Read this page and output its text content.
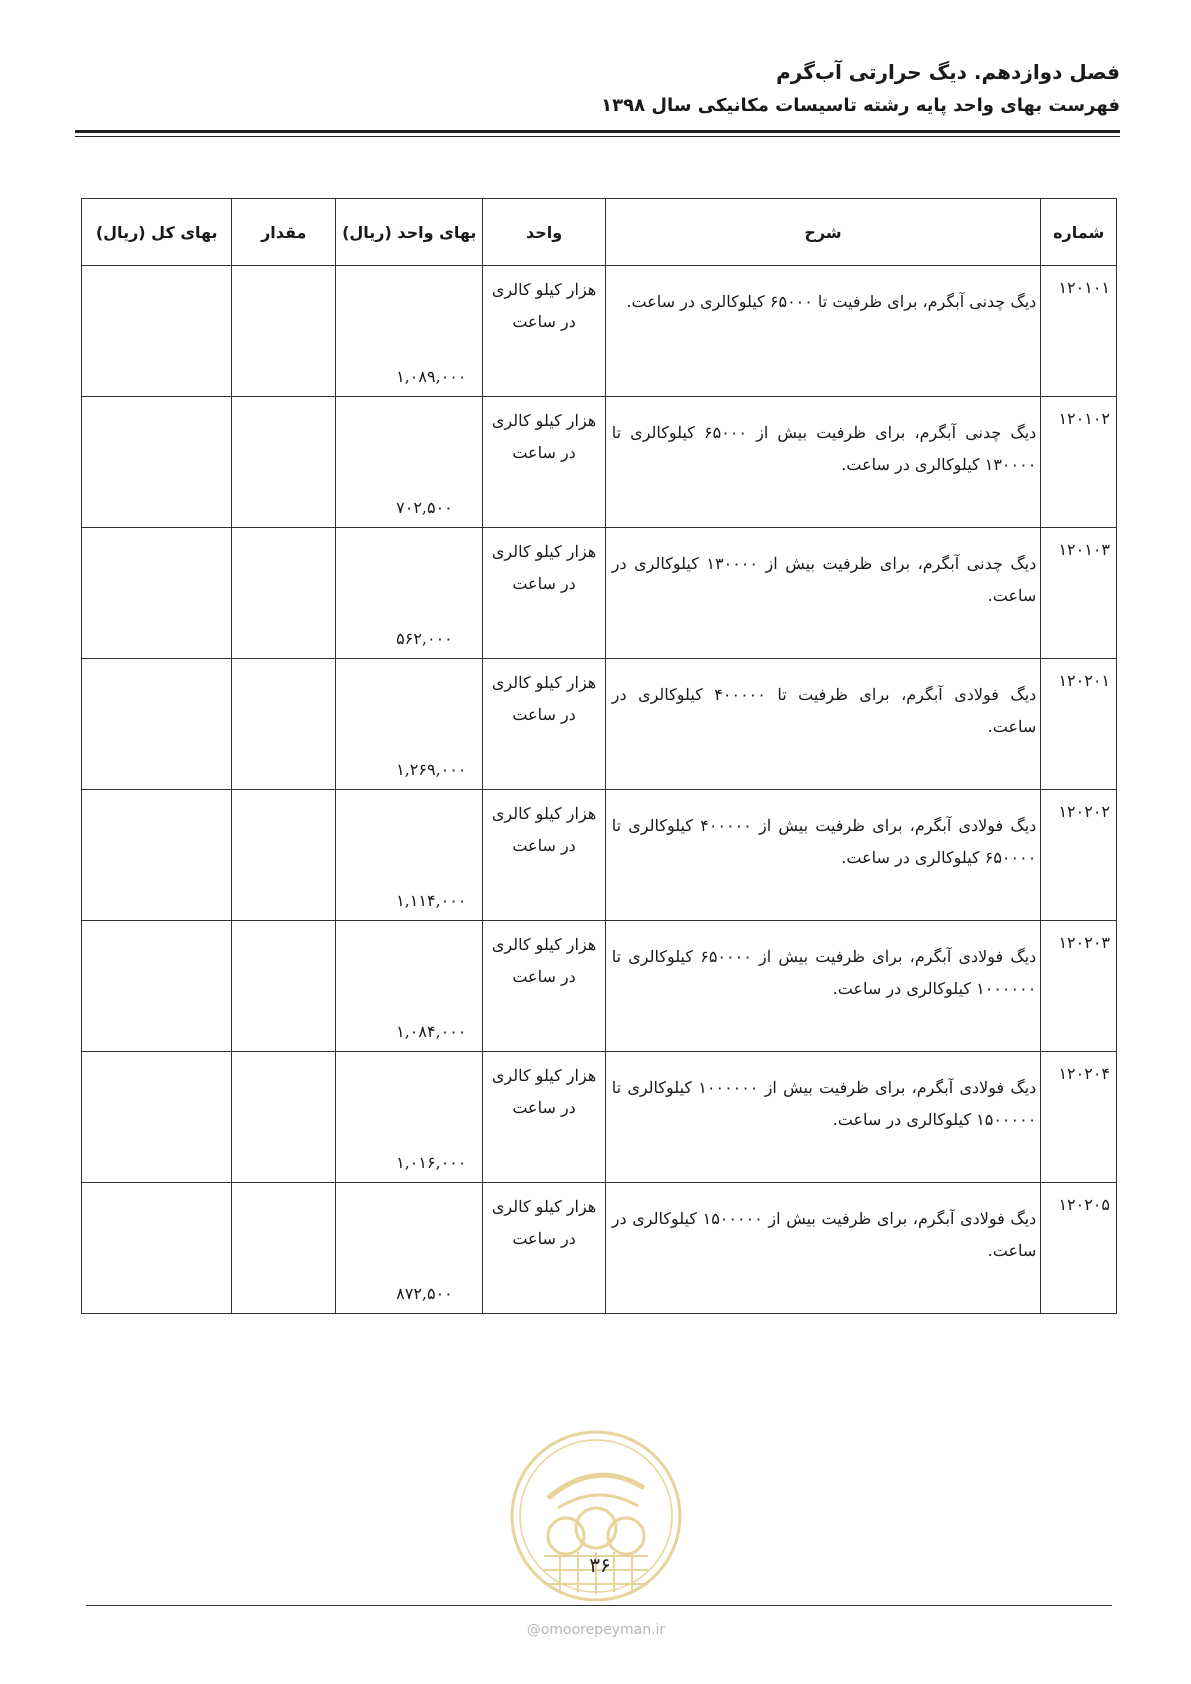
فصل دوازدهم. دیگ حرارتی آب‌گرم
فهرست بهای واحد پایه رشته تاسیسات مکانیکی سال ۱۳۹۸
شماره	شرح	واحد	بهای واحد (ریال)	مقدار	بهای کل (ریال)
۱۲۰۱۰۱	دیگ چدنی آبگرم، برای ظرفیت تا ۶۵۰۰۰ کیلوکالری در ساعت.	هزار کیلو کالری در ساعت	۱,۰۸۹,۰۰۰		
۱۲۰۱۰۲	دیگ چدنی آبگرم، برای ظرفیت بیش از ۶۵۰۰۰ کیلوکالری تا ۱۳۰۰۰۰ کیلوکالری در ساعت.	هزار کیلو کالری در ساعت	۷۰۲,۵۰۰		
۱۲۰۱۰۳	دیگ چدنی آبگرم، برای ظرفیت بیش از ۱۳۰۰۰۰ کیلوکالری در ساعت.	هزار کیلو کالری در ساعت	۵۶۲,۰۰۰		
۱۲۰۲۰۱	دیگ فولادی آبگرم، برای ظرفیت تا ۴۰۰۰۰۰ کیلوکالری در ساعت.	هزار کیلو کالری در ساعت	۱,۲۶۹,۰۰۰		
۱۲۰۲۰۲	دیگ فولادی آبگرم، برای ظرفیت بیش از ۴۰۰۰۰۰ کیلوکالری تا ۶۵۰۰۰۰ کیلوکالری در ساعت.	هزار کیلو کالری در ساعت	۱,۱۱۴,۰۰۰		
۱۲۰۲۰۳	دیگ فولادی آبگرم، برای ظرفیت بیش از ۶۵۰۰۰۰ کیلوکالری تا ۱۰۰۰۰۰۰ کیلوکالری در ساعت.	هزار کیلو کالری در ساعت	۱,۰۸۴,۰۰۰		
۱۲۰۲۰۴	دیگ فولادی آبگرم، برای ظرفیت بیش از ۱۰۰۰۰۰۰ کیلوکالری تا ۱۵۰۰۰۰۰ کیلوکالری در ساعت.	هزار کیلو کالری در ساعت	۱,۰۱۶,۰۰۰		
۱۲۰۲۰۵	دیگ فولادی آبگرم، برای ظرفیت بیش از ۱۵۰۰۰۰۰ کیلوکالری در ساعت.	هزار کیلو کالری در ساعت	۸۷۲,۵۰۰		
۳۶
@omoorepeyman.ir
